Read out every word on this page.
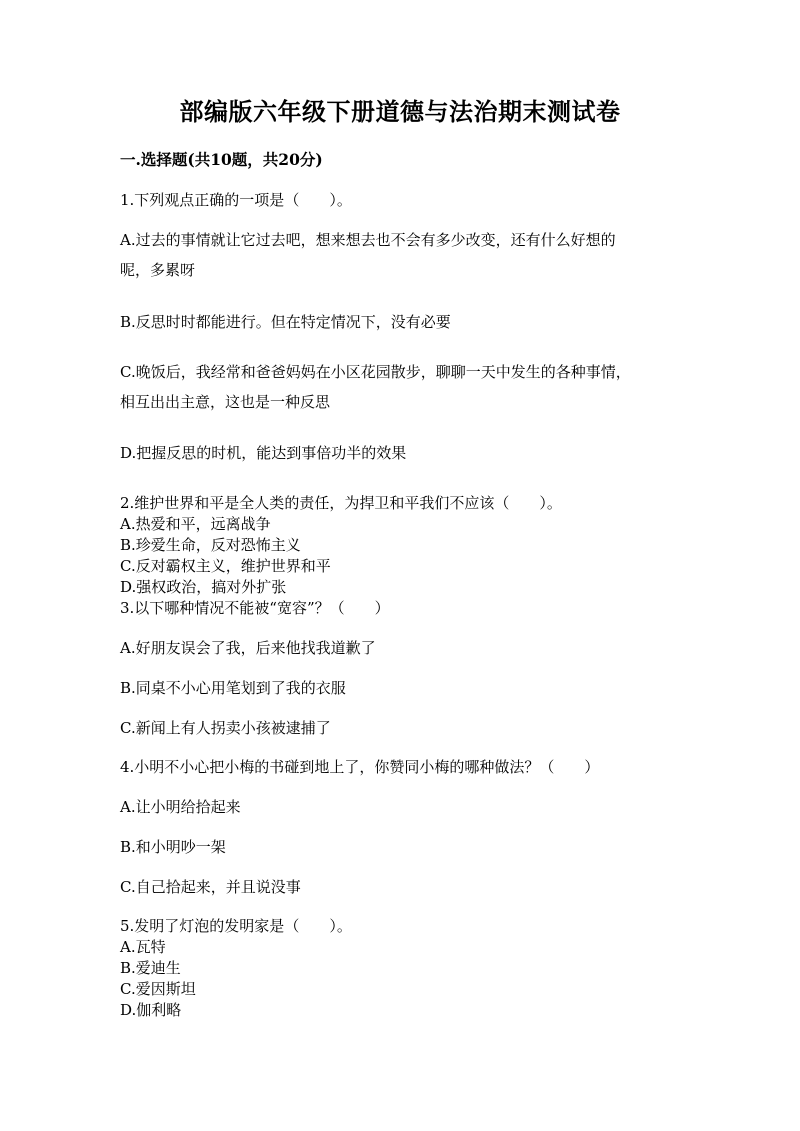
部编版六年级下册道德与法治期末测试卷
一.选择题(共10题，共20分)
1.下列观点正确的一项是（　　）。
A.过去的事情就让它过去吧，想来想去也不会有多少改变，还有什么好想的
呢，多累呀
B.反思时时都能进行。但在特定情况下，没有必要
C.晚饭后，我经常和爸爸妈妈在小区花园散步，聊聊一天中发生的各种事情，
相互出出主意，这也是一种反思
D.把握反思的时机，能达到事倍功半的效果
2.维护世界和平是全人类的责任，为捍卫和平我们不应该（　　）。
A.热爱和平，远离战争
B.珍爱生命，反对恐怖主义
C.反对霸权主义，维护世界和平
D.强权政治，搞对外扩张
3.以下哪种情况不能被“宽容”？（　　）
A.好朋友误会了我，后来他找我道歉了
B.同桌不小心用笔划到了我的衣服
C.新闻上有人拐卖小孩被逮捕了
4.小明不小心把小梅的书碰到地上了，你赞同小梅的哪种做法？（　　）
A.让小明给拾起来
B.和小明吵一架
C.自己拾起来，并且说没事
5.发明了灯泡的发明家是（　　）。
A.瓦特
B.爱迪生
C.爱因斯坦
D.伽利略
